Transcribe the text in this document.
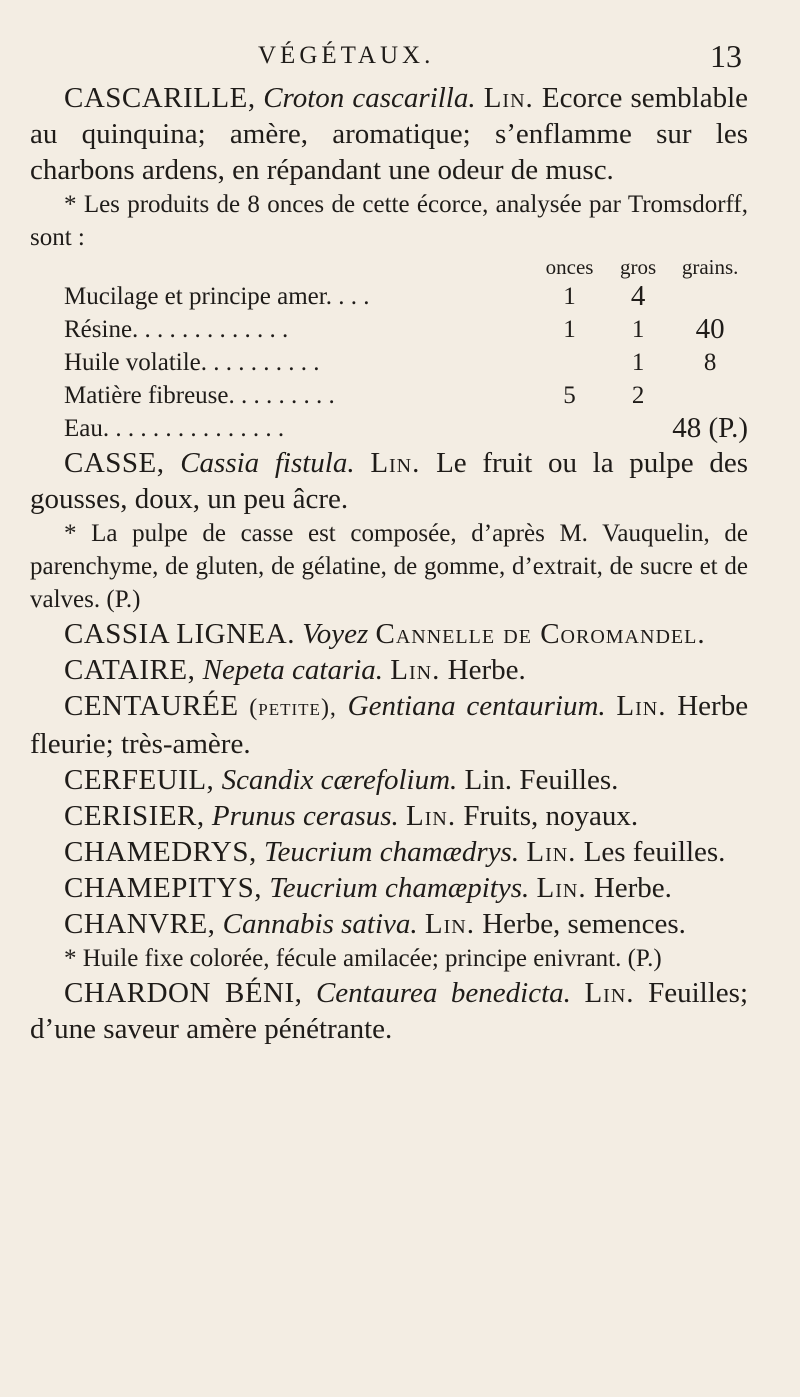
VÉGÉTAUX.	13

CASCARILLE, Croton cascarilla. Lin. Ecorce semblable au quinquina; amère, aromatique; s’enflamme sur les charbons ardens, en répandant une odeur de musc.

* Les produits de 8 onces de cette écorce, analysée par Tromsdorff, sont :

	onces	gros	grains.
Mucilage et principe amer. . . .	1	4	
Résine. . . . . . . . . . . . .	1	1	40
Huile volatile. . . . . . . . . .		1	8
Matière fibreuse. . . . . . . . .	5	2	
Eau. . . . . . . . . . . . . . .			48 (P.)

CASSE, Cassia fistula. Lin. Le fruit ou la pulpe des gousses, doux, un peu âcre.

* La pulpe de casse est composée, d’après M. Vauquelin, de parenchyme, de gluten, de gélatine, de gomme, d’extrait, de sucre et de valves. (P.)

CASSIA LIGNEA. Voyez Cannelle de Coromandel.

CATAIRE, Nepeta cataria. Lin. Herbe.

CENTAURÉE (petite), Gentiana centaurium. Lin. Herbe fleurie; très-amère.

CERFEUIL, Scandix cærefolium. Lin. Feuilles.

CERISIER, Prunus cerasus. Lin. Fruits, noyaux.

CHAMEDRYS, Teucrium chamædrys. Lin. Les feuilles.

CHAMEPITYS, Teucrium chamæpitys. Lin. Herbe.

CHANVRE, Cannabis sativa. Lin. Herbe, semences.

* Huile fixe colorée, fécule amilacée; principe enivrant. (P.)

CHARDON BÉNI, Centaurea benedicta. Lin. Feuilles; d’une saveur amère pénétrante.
